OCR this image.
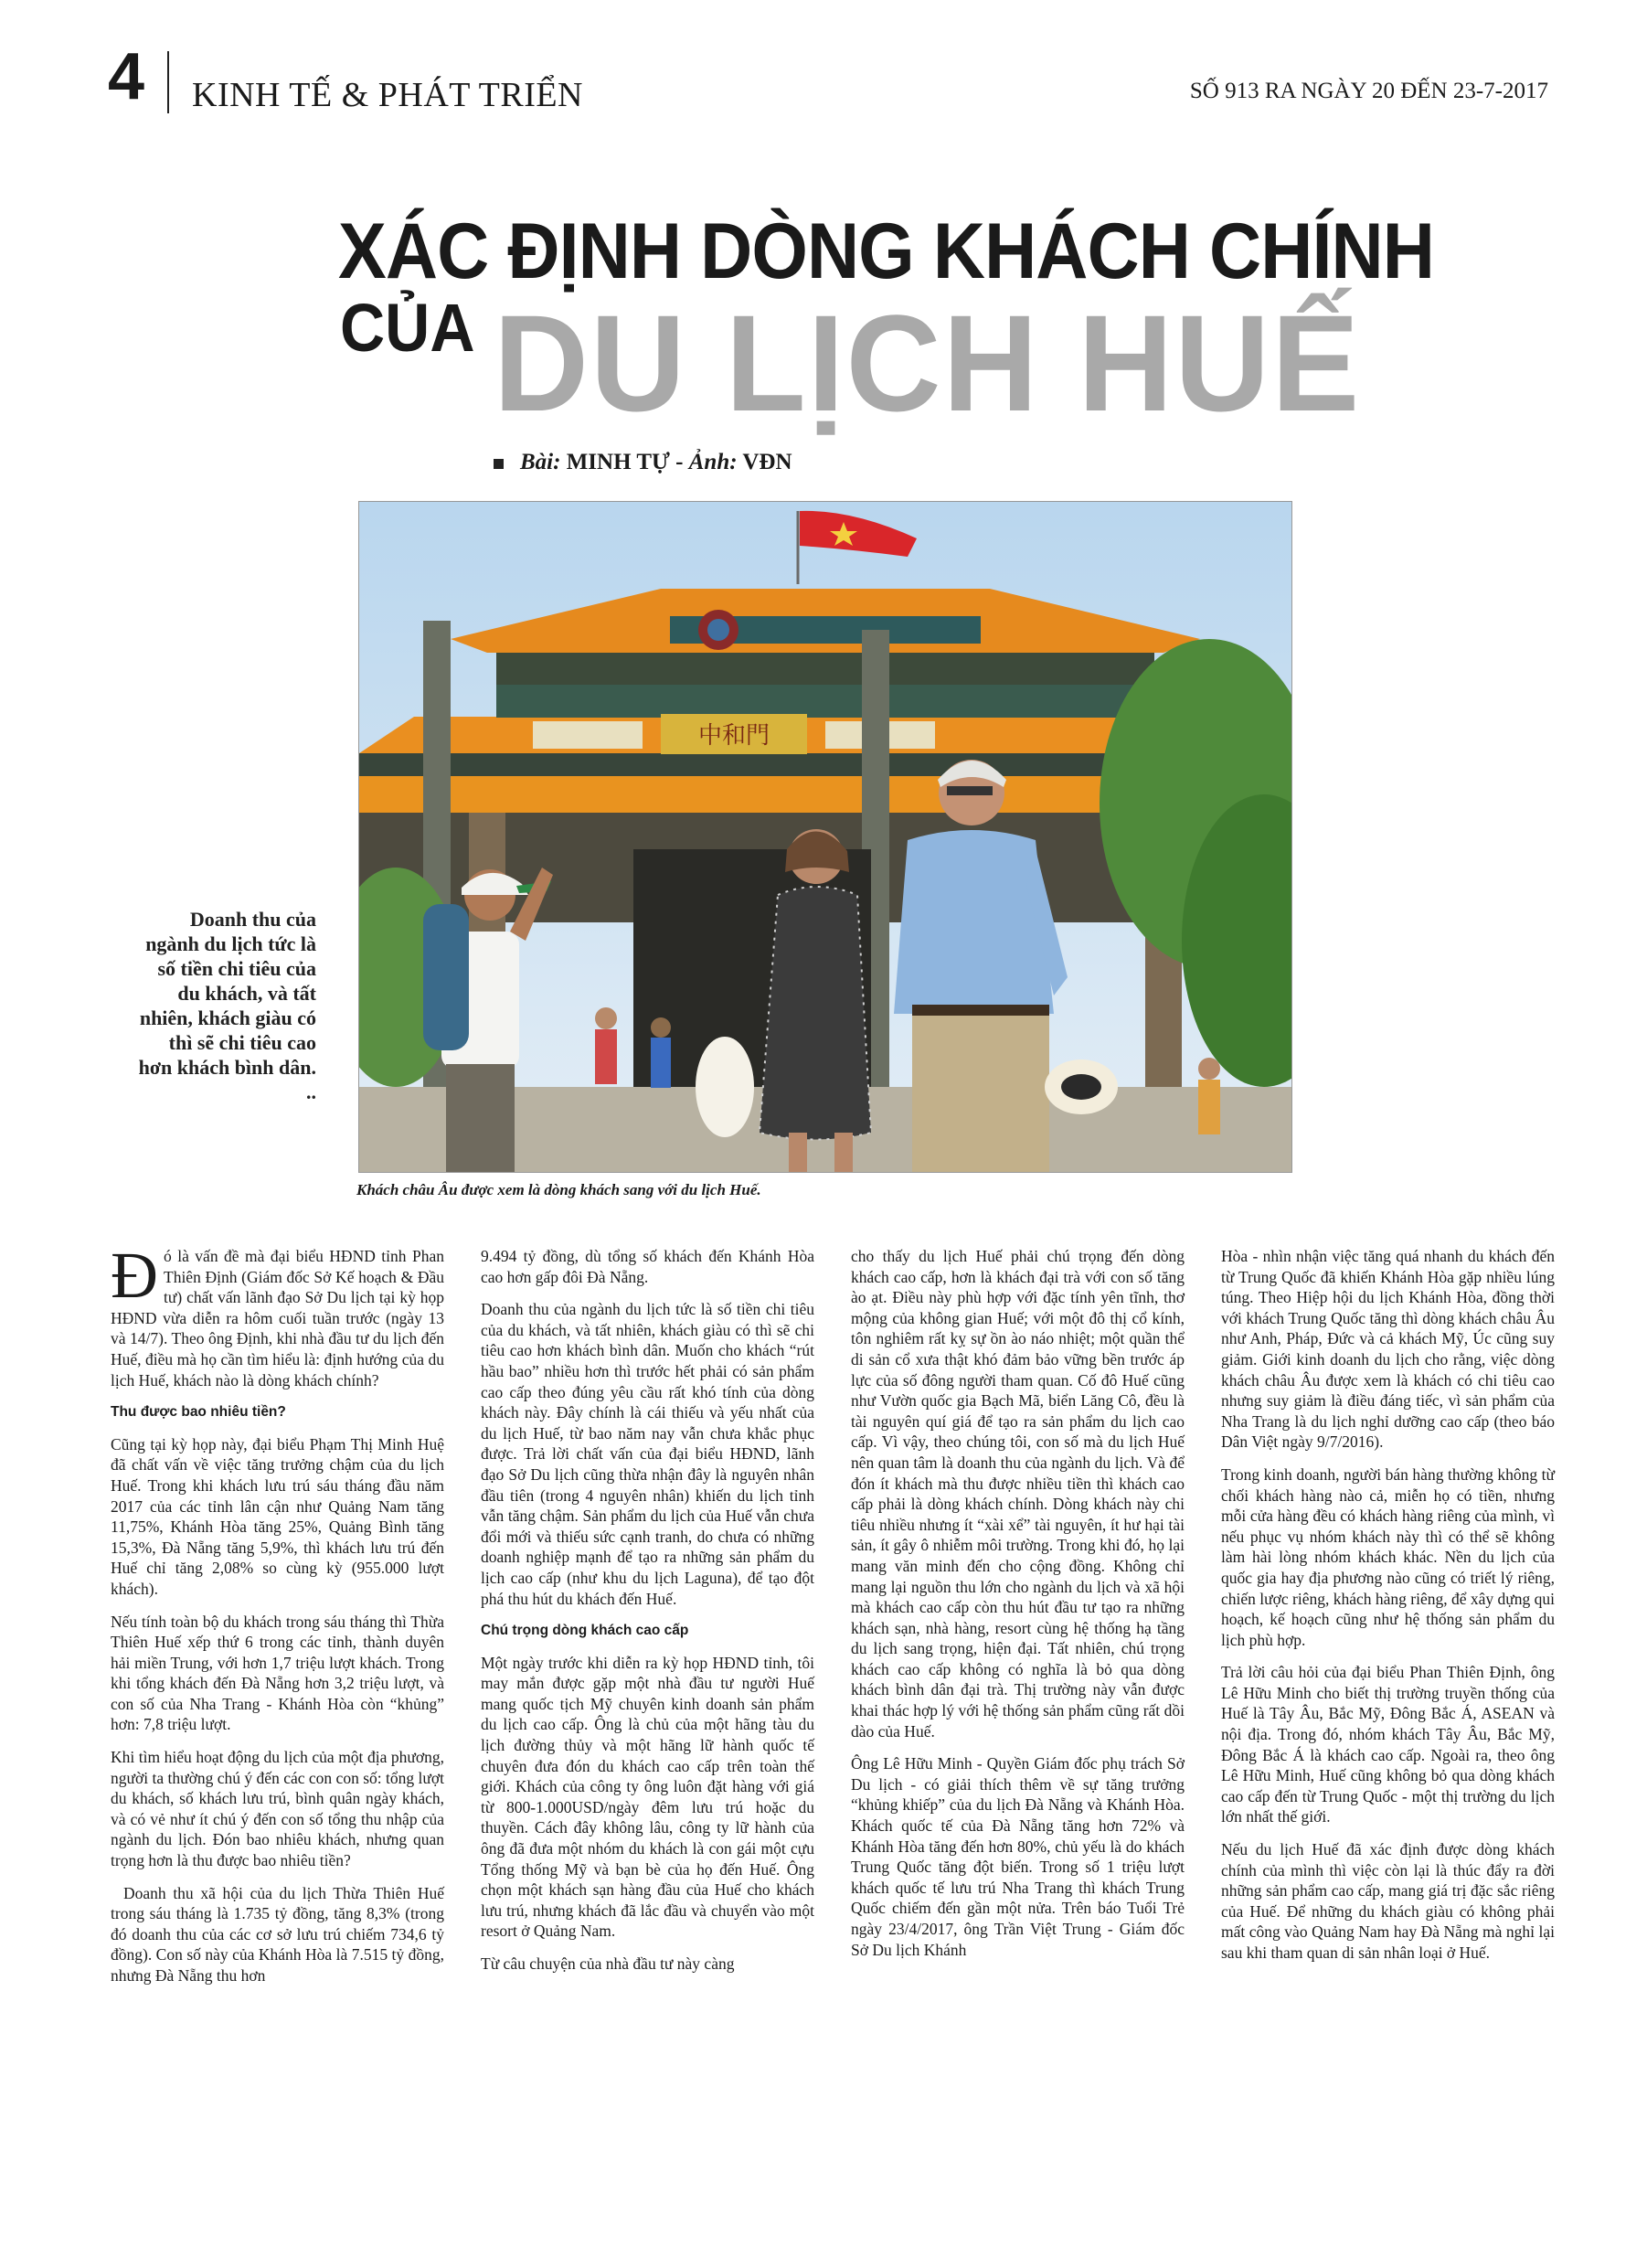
4 KINH TẾ & PHÁT TRIỂN	SỐ 913 RA NGÀY 20 ĐẾN 23-7-2017
XÁC ĐỊNH DÒNG KHÁCH CHÍNH
CỦA DU LỊCH HUẾ
Bài: MINH TỰ - Ảnh: VĐN
中和門
Khách châu Âu được xem là dòng khách sang với du lịch Huế.
Doanh thu của ngành du lịch tức là số tiền chi tiêu của du khách, và tất nhiên, khách giàu có thì sẽ chi tiêu cao hơn khách bình dân. ..

Đó là vấn đề mà đại biểu HĐND tỉnh Phan Thiên Định (Giám đốc Sở Kế hoạch & Đầu tư) chất vấn lãnh đạo Sở Du lịch tại kỳ họp HĐND vừa diễn ra hôm cuối tuần trước (ngày 13 và 14/7). Theo ông Định, khi nhà đầu tư du lịch đến Huế, điều mà họ cần tìm hiểu là: định hướng của du lịch Huế, khách nào là dòng khách chính?

Thu được bao nhiêu tiền?

Cũng tại kỳ họp này, đại biểu Phạm Thị Minh Huệ đã chất vấn về việc tăng trưởng chậm của du lịch Huế. Trong khi khách lưu trú sáu tháng đầu năm 2017 của các tỉnh lân cận như Quảng Nam tăng 11,75%, Khánh Hòa tăng 25%, Quảng Bình tăng 15,3%, Đà Nẵng tăng 5,9%, thì khách lưu trú đến Huế chỉ tăng 2,08% so cùng kỳ (955.000 lượt khách).

Nếu tính toàn bộ du khách trong sáu tháng thì Thừa Thiên Huế xếp thứ 6 trong các tỉnh, thành duyên hải miền Trung, với hơn 1,7 triệu lượt khách. Trong khi tổng khách đến Đà Nẵng hơn 3,2 triệu lượt, và con số của Nha Trang - Khánh Hòa còn “khủng” hơn: 7,8 triệu lượt.

Khi tìm hiểu hoạt động du lịch của một địa phương, người ta thường chú ý đến các con con số: tổng lượt du khách, số khách lưu trú, bình quân ngày khách, và có vẻ như ít chú ý đến con số tổng thu nhập của ngành du lịch. Đón bao nhiêu khách, nhưng quan trọng hơn là thu được bao nhiêu tiền?

Doanh thu xã hội của du lịch Thừa Thiên Huế trong sáu tháng là 1.735 tỷ đồng, tăng 8,3% (trong đó doanh thu của các cơ sở lưu trú chiếm 734,6 tỷ đồng). Con số này của Khánh Hòa là 7.515 tỷ đồng, nhưng Đà Nẵng thu hơn

9.494 tỷ đồng, dù tổng số khách đến Khánh Hòa cao hơn gấp đôi Đà Nẵng.

Doanh thu của ngành du lịch tức là số tiền chi tiêu của du khách, và tất nhiên, khách giàu có thì sẽ chi tiêu cao hơn khách bình dân. Muốn cho khách “rút hầu bao” nhiều hơn thì trước hết phải có sản phẩm cao cấp theo đúng yêu cầu rất khó tính của dòng khách này. Đây chính là cái thiếu và yếu nhất của du lịch Huế, từ bao năm nay vẫn chưa khắc phục được. Trả lời chất vấn của đại biểu HĐND, lãnh đạo Sở Du lịch cũng thừa nhận đây là nguyên nhân đầu tiên (trong 4 nguyên nhân) khiến du lịch tỉnh vẫn tăng chậm. Sản phẩm du lịch của Huế vẫn chưa đổi mới và thiếu sức cạnh tranh, do chưa có những doanh nghiệp mạnh để tạo ra những sản phẩm du lịch cao cấp (như khu du lịch Laguna), để tạo đột phá thu hút du khách đến Huế.

Chú trọng dòng khách cao cấp

Một ngày trước khi diễn ra kỳ họp HĐND tỉnh, tôi may mắn được gặp một nhà đầu tư người Huế mang quốc tịch Mỹ chuyên kinh doanh sản phẩm du lịch cao cấp. Ông là chủ của một hãng tàu du lịch đường thủy và một hãng lữ hành quốc tế chuyên đưa đón du khách cao cấp trên toàn thế giới. Khách của công ty ông luôn đặt hàng với giá từ 800-1.000USD/ngày đêm lưu trú hoặc du thuyền. Cách đây không lâu, công ty lữ hành của ông đã đưa một nhóm du khách là con gái một cựu Tổng thống Mỹ và bạn bè của họ đến Huế. Ông chọn một khách sạn hàng đầu của Huế cho khách lưu trú, nhưng khách đã lắc đầu và chuyển vào một resort ở Quảng Nam.

Từ câu chuyện của nhà đầu tư này càng

cho thấy du lịch Huế phải chú trọng đến dòng khách cao cấp, hơn là khách đại trà với con số tăng ào ạt. Điều này phù hợp với đặc tính yên tĩnh, thơ mộng của không gian Huế; với một đô thị cổ kính, tôn nghiêm rất kỵ sự ồn ào náo nhiệt; một quần thể di sản cổ xưa thật khó đảm bảo vững bền trước áp lực của số đông người tham quan. Cố đô Huế cũng như Vườn quốc gia Bạch Mã, biển Lăng Cô, đều là tài nguyên quí giá để tạo ra sản phẩm du lịch cao cấp. Vì vậy, theo chúng tôi, con số mà du lịch Huế nên quan tâm là doanh thu của ngành du lịch. Và để đón ít khách mà thu được nhiều tiền thì khách cao cấp phải là dòng khách chính. Dòng khách này chi tiêu nhiều nhưng ít “xài xể” tài nguyên, ít hư hại tài sản, ít gây ô nhiễm môi trường. Trong khi đó, họ lại mang văn minh đến cho cộng đồng. Không chỉ mang lại nguồn thu lớn cho ngành du lịch và xã hội mà khách cao cấp còn thu hút đầu tư tạo ra những khách sạn, nhà hàng, resort cùng hệ thống hạ tầng du lịch sang trọng, hiện đại. Tất nhiên, chú trọng khách cao cấp không có nghĩa là bỏ qua dòng khách bình dân đại trà. Thị trường này vẫn được khai thác hợp lý với hệ thống sản phẩm cũng rất dồi dào của Huế.

Ông Lê Hữu Minh - Quyền Giám đốc phụ trách Sở Du lịch - có giải thích thêm về sự tăng trưởng “khủng khiếp” của du lịch Đà Nẵng và Khánh Hòa. Khách quốc tế của Đà Nẵng tăng hơn 72% và Khánh Hòa tăng đến hơn 80%, chủ yếu là do khách Trung Quốc tăng đột biến. Trong số 1 triệu lượt khách quốc tế lưu trú Nha Trang thì khách Trung Quốc chiếm đến gần một nửa. Trên báo Tuổi Trẻ ngày 23/4/2017, ông Trần Việt Trung - Giám đốc Sở Du lịch Khánh

Hòa - nhìn nhận việc tăng quá nhanh du khách đến từ Trung Quốc đã khiến Khánh Hòa gặp nhiều lúng túng. Theo Hiệp hội du lịch Khánh Hòa, đồng thời với khách Trung Quốc tăng thì dòng khách châu Âu như Anh, Pháp, Đức và cả khách Mỹ, Úc cũng suy giảm. Giới kinh doanh du lịch cho rằng, việc dòng khách châu Âu được xem là khách có chi tiêu cao nhưng suy giảm là điều đáng tiếc, vì sản phẩm của Nha Trang là du lịch nghỉ dưỡng cao cấp (theo báo Dân Việt ngày 9/7/2016).

Trong kinh doanh, người bán hàng thường không từ chối khách hàng nào cả, miễn họ có tiền, nhưng mỗi cửa hàng đều có khách hàng riêng của mình, vì nếu phục vụ nhóm khách này thì có thể sẽ không làm hài lòng nhóm khách khác. Nền du lịch của quốc gia hay địa phương nào cũng có triết lý riêng, chiến lược riêng, khách hàng riêng, để xây dựng qui hoạch, kế hoạch cũng như hệ thống sản phẩm du lịch phù hợp.

Trả lời câu hỏi của đại biểu Phan Thiên Định, ông Lê Hữu Minh cho biết thị trường truyền thống của Huế là Tây Âu, Bắc Mỹ, Đông Bắc Á, ASEAN và nội địa. Trong đó, nhóm khách Tây Âu, Bắc Mỹ, Đông Bắc Á là khách cao cấp. Ngoài ra, theo ông Lê Hữu Minh, Huế cũng không bỏ qua dòng khách cao cấp đến từ Trung Quốc - một thị trường du lịch lớn nhất thế giới.

Nếu du lịch Huế đã xác định được dòng khách chính của mình thì việc còn lại là thúc đẩy ra đời những sản phẩm cao cấp, mang giá trị đặc sắc riêng của Huế. Để những du khách giàu có không phải mất công vào Quảng Nam hay Đà Nẵng mà nghỉ lại sau khi tham quan di sản nhân loại ở Huế.
